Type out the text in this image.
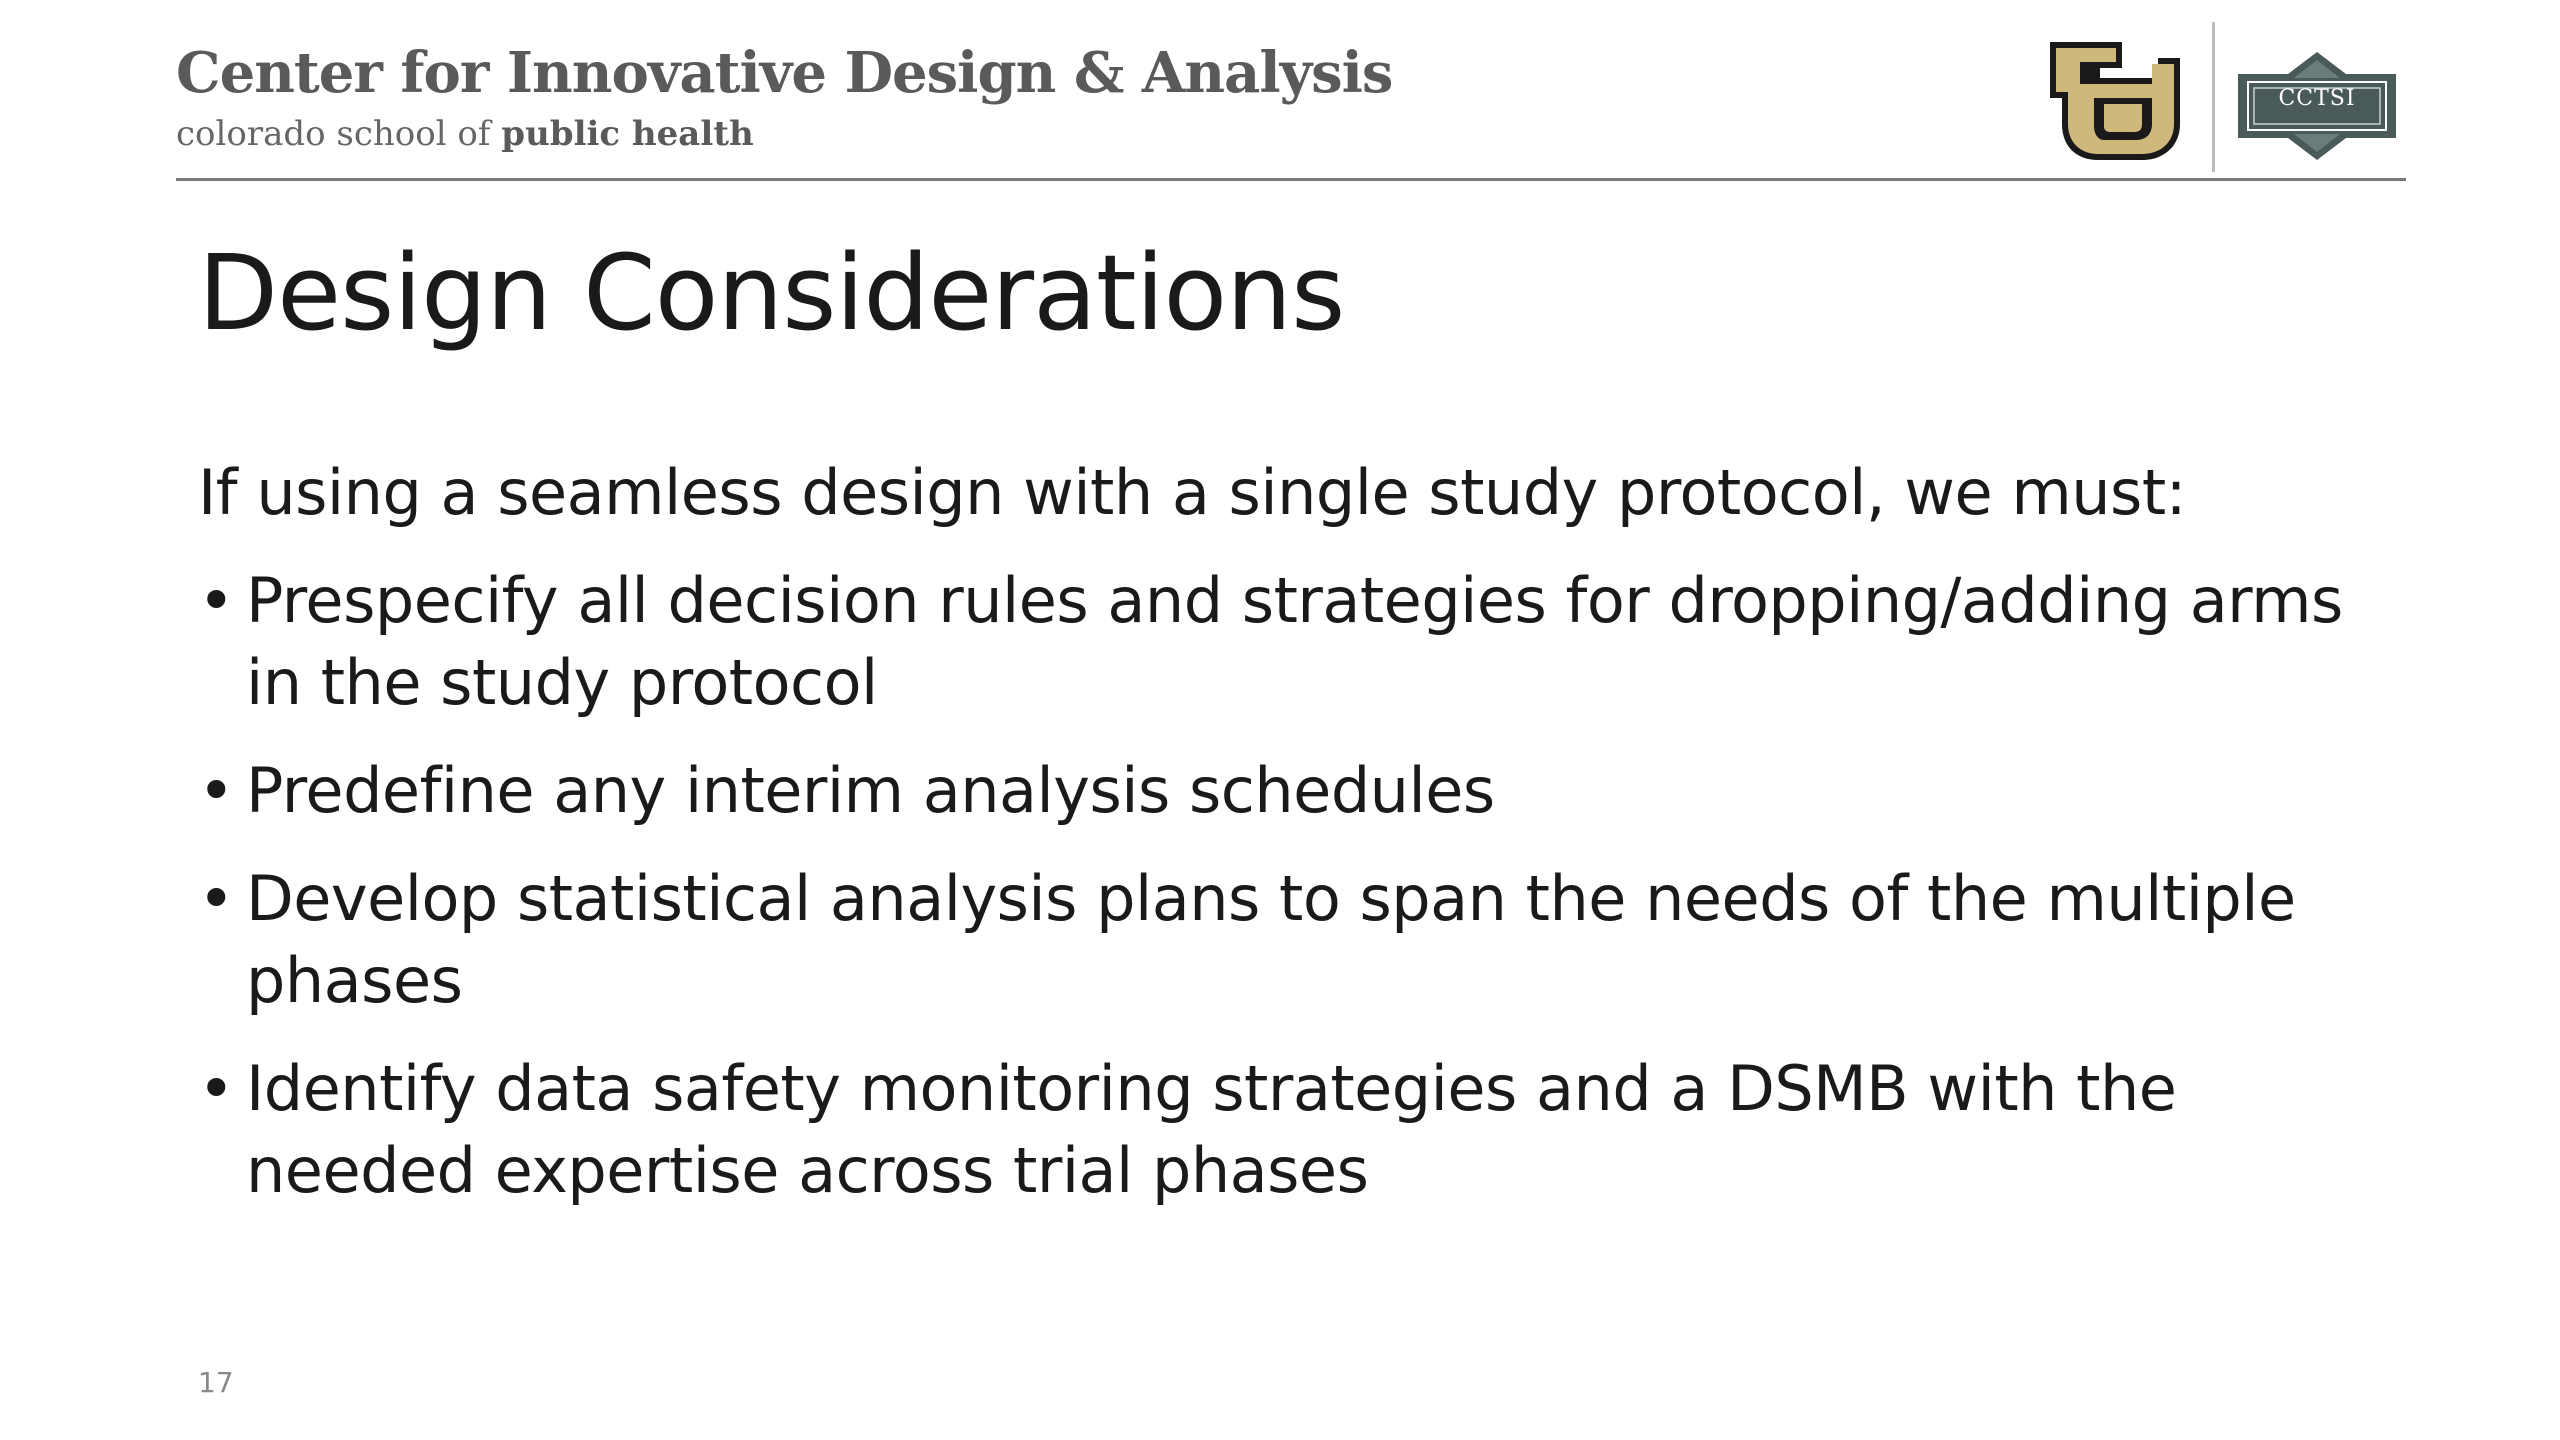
Center for Innovative Design & Analysis
colorado school of public health
CCTSI
Design Considerations
If using a seamless design with a single study protocol, we must:
• Prespecify all decision rules and strategies for dropping/adding arms in the study protocol
• Predefine any interim analysis schedules
• Develop statistical analysis plans to span the needs of the multiple phases
• Identify data safety monitoring strategies and a DSMB with the needed expertise across trial phases
17
